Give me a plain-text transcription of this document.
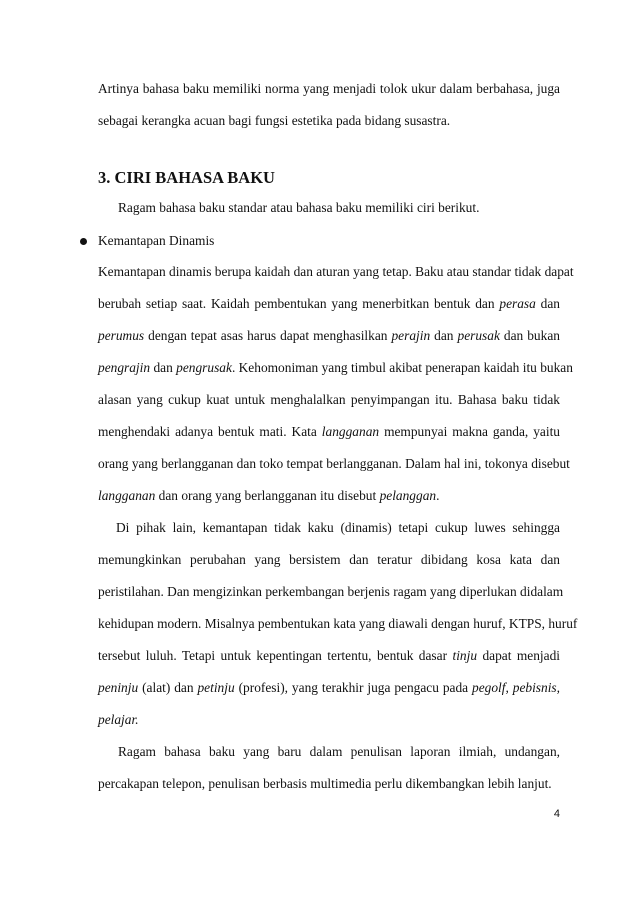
Artinya bahasa baku memiliki norma yang menjadi tolok ukur dalam berbahasa, juga
sebagai kerangka acuan bagi fungsi estetika pada bidang susastra.
3. CIRI BAHASA BAKU
Ragam bahasa baku standar atau bahasa baku memiliki ciri berikut.
Kemantapan Dinamis
Kemantapan dinamis berupa kaidah dan aturan yang tetap. Baku atau standar tidak dapat
berubah setiap saat. Kaidah pembentukan yang menerbitkan bentuk dan perasa dan
perumus dengan tepat asas harus dapat menghasilkan perajin dan perusak dan bukan
pengrajin dan pengrusak. Kehomoniman yang timbul akibat penerapan kaidah itu bukan
alasan yang cukup kuat untuk menghalalkan penyimpangan itu. Bahasa baku tidak
menghendaki adanya bentuk mati. Kata langganan mempunyai makna ganda, yaitu
orang yang berlangganan dan toko tempat berlangganan. Dalam hal ini, tokonya disebut
langganan dan orang yang berlangganan itu disebut pelanggan.
Di pihak lain, kemantapan tidak kaku (dinamis) tetapi cukup luwes sehingga
memungkinkan perubahan yang bersistem dan teratur dibidang kosa kata dan
peristilahan. Dan mengizinkan perkembangan berjenis ragam yang diperlukan didalam
kehidupan modern. Misalnya pembentukan kata yang diawali dengan huruf, KTPS, huruf
tersebut luluh. Tetapi untuk kepentingan tertentu, bentuk dasar tinju dapat menjadi
peninju (alat) dan petinju (profesi), yang terakhir juga pengacu pada pegolf, pebisnis,
pelajar.
Ragam bahasa baku yang baru dalam penulisan laporan ilmiah, undangan,
percakapan telepon, penulisan berbasis multimedia perlu dikembangkan lebih lanjut.
4
